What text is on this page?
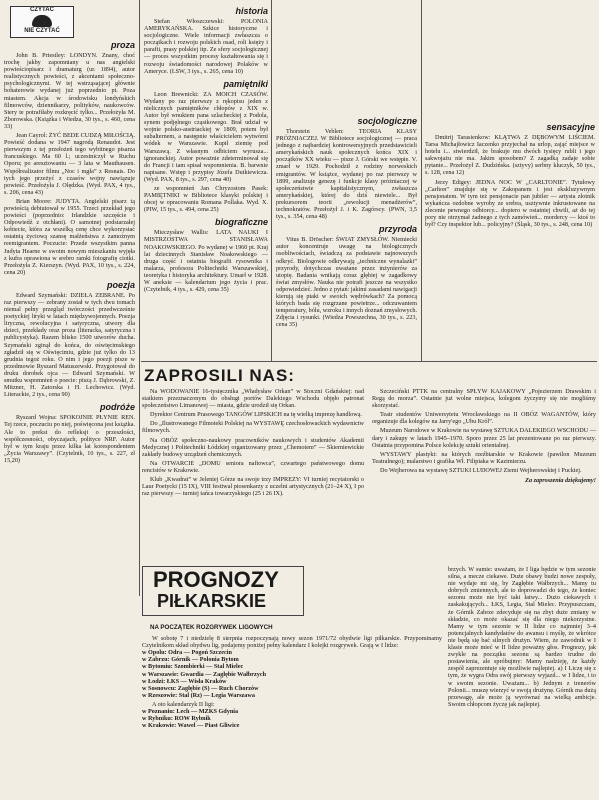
CZYTAĆ
NIE CZYTAĆ

proza

John B. Priestley: LONDYN. Znany, choć trochę jakby zapomniany u nas angielski powieściopisarz i dramaturg (ur. 1894), autor realistycznych powieści, z akcentami społeczno-psychologicznymi. W tej wstrząsającej głównie bohaterowie wydanej już poprzednio pt. Poza miastem. Akcja w środowisku londyńskich filmowców, dziennikarzy, polityków, naukowców. Stery te potrafiłaby rozkręcić tylko... Przełożyła M. Zborowska. (Książka i Wiedza, 30 tys., s. 460, cena 33)

Jean Cayrol: ŻYĆ BEDE CUDZĄ MIŁOŚCIĄ. Powieść dodana w 1947 nagrodą Renaudot. Jest pierwszym z tej przełożeń tego wybitnego pisarza francuskiego. Ma 60 l.; uczestniczył w Ruchu Oporu; po aresztowaniu — 3 lata w Mauthausen. Współrealizator filmu „Noc i mgła” z Resnais. Do tych jego przeżyć z czasów wojny nawiązuje powieść. Przełożyła J. Olędzka. (Wyd. PAX, 4 tys., s. 206, cena 43)

Brian Moore: JUDYTA. Angielski pisarz tą powieścią debiutował w 1955. Trzeci przekład jego powieści (poprzednio: Irlandzkie szczęście i Odpowiedź z otchłani). O samotnej podstarzałej kobiecie, która za wszelką cenę chce wykorzystać ostatnią życiową szansę małżeństwa z zamożnym reemigrantem. Poczucie: Przede wszystkim panna Judyta Hearne w swoim nowym mieszkaniu wyjęła z kufra oprawiona w srebro ramki fotografię ciotki. Przełożyła Z. Kierszyn. (Wyd. PAX, 10 tys., s. 224, cena 20)

poezja

Edward Szymański: DZIEŁA ZEBRANE. Po raz pierwszy — zebrany został w tych dwu tomach niemal pełny przegląd twórczości przedwcześnie poetyckiej liryki w latach międzywojennych. Poezja liryczna, rewolucyjna i satyryczna, utwory dla dzieci, przekłady oraz proza (literacka, satyryczna i publicystyka). Razem blisko 1500 utworów ducha. Szymański zginął do końca, do oświęcimskiego zgładził się w Oświęcimiu, gdzie już tylko do 13 grudnia tegoż roku. O nim i jego poezji pisze w przedmowie Ryszard Matuszewski. Przygotował do druku dorobek ojca — Edward Szymański. W smutku wspomnień o poecie: piszą J. Dąbrowski, Z. Mitzner, H. Zatorska i H. Lechowicz. (Wyd. Literackie, 2 tys., cena 90)

podróże

Ryszard Wojna: SPOKOJNIE PŁYNIE REN. Tej rzece, poczuciu po niej, poświęcona jest książka. Ale to prekst do refleksji o przeszłości, współczesności, obyczajach, polityce NRF. Autor był w tym kraju przez kilka lat korespondentem „Życia Warszawy”. (Czytelnik, 10 tys., s. 227, zł 15,20)

historia

Stefan Włoszczewski: POLONIA AMERYKAŃSKA. Szkice historyczne i socjologiczne. Wiele informacji zwłaszcza o początkach i rozwoju polskich osad, roli księży i parafii, prasy polskiej itp. Ze sfery socjologicznej — proces wszystkim procesy kształtowania się i rozwoju świadomości narodowej Polaków w Ameryce. (LSW, 3 tys., s. 265, cena 10)

pamiętniki

Leon Brewnicki: ZA MOICH CZASÓW. Wydany po raz pierwszy z rękopisu jeden z nielicznych pamiętników chłopów z XIX w. Autor był wnukiem pana szlacheckiej z Podola, synem podjęlnego cząstkowego. Brał udział w wojnie polsko-austriackiej w 1809, potem był subalternem, a następnie właścicielem wytwórni wódek w Warszawie. Kupił ziemię pod Warszawą. Z własnym odbiciem wyrusza... ignoranckiej. Autor poważnie zdeterminował się do Francji i tam spisał wspomnienia. B. barwnie napisane. Wstęp i przypisy Józefa Dutkiewicza. (Wyd. PAX, 8 tys., s. 297, cena 40)

ze wspomnień Jan Chryzostom Pasek: PAMIĘTNIKI w Bibliotece klasyki polskiej i obcej w opracowaniu Romana Pollaka. Wyd. X. (PIW, 15 tys., s. 494, cena 25)

biograficzne

Mieczysław Wallis: LATA NAUKI I MISTRZOSTWA STANISŁAWA NOAKOWSKIEGO. Po wydanej w 1960 pt. Kraj lat dziecinnych Stanisław Noakowskiego — druga część i ostatnia biografii rysownika i malarza, profesora Politechniki Warszawskiej, teoretyka i historyka architektury. Umarł w 1928. W aneksie — kalendarium jego życia i prac. (Czytelnik, 4 tys., s. 429, cena 35)

socjologiczne

Thorstein Veblen: TEORIA KLASY PRÓŻNIACZEJ. W Bibliotece socjologicznej — praca jednego z najbardziej kontrowersyjnych przedstawicieli amerykańskich nauk społecznych końca XIX i początków XX wieku — pisze J. Górski we wstępie. V. zmarł w 1929. Pochodził z rodziny norweskich emigrantów. W książce, wydanej po raz pierwszy w 1899, analizuje genezę i funkcje klasy próżniaczej w społeczeństwie kapitalistycznym, zwłaszcza amerykańskiej, której do dziś niewiele... Był prekursorem teorii „rewolucji menadżerów”, technokratów. Przełożył J. i K. Zagórscy. (PWN, 3,5 tys., s. 354, cena 48)

przyroda

Vitus B. Dröscher: ŚWIAT ZMYSŁÓW. Niemiecki autor koncentruje uwagę na biologicznych osobliwościach, świadczą za podstawie najnowszych odkryć. Biologowie odkrywają „techniczne wynalazki” przyrody, dotychczas uważane przez inżynierów za utopię. Badania wnikają coraz głębiej w zagadkowy świat zmysłów. Nauka nie potrafi jeszcze na wszystko odpowiedzieć. Jedno z pytań: jakimi zasadami nawigacji kierują się ptaki w swoich wędrówkach? Za pomocą których bada się rozgrzane powietrze... odczuwaniem temperatury, bólu, wzroku i innych doznań zmysłowych. Zdjęcia i rysunki. (Wiedza Powszechna, 30 tys., s. 223, cena 35)

sensacyjne

Dmitrij Tarasienkow: KLĄTWA Z DĘBOWYM LIŚCIEM. Tarsa Michajłowicz Iaczenko przyjechał na urlop, zająć miejsce w hotelu i... stwierdził, że brakuje mu dwóch tysięcy rubli i jego sakwojażu nie ma. Jakim sposobem? Z zagadką zadaje sobie pytanie... Przełożył Z. Dudzińska. (sztyvy) serbny kluczyk, 50 tys., s. 128, cena 12)

Jerzy Edigey: JEDNA NOC W „CARLTONIE”. Tytułowy „Carlton” znajduje się w Zakopanem i jest ekskluzywnym pensjonatem. W tym też pensjonacie pan jubiler — artysta złotnik wykańcza ozdobne wyroby ze srebra, usztywnie inkrustowane na zlecenie pewnego odbiorcy... dopiero w ostatniej chwili, aż do tej pory nie otrzymał żadnego z tych zamówień... mordercy — ktoś to był? Czy inspektor lub... policyjny? (Śląsk, 30 tys., s. 248, cena 10)

ZAPROSILI NAS:

Na WODOWANIE 16-tysięcznika „Władysław Orkan” w Stoczni Gdańskiej: nad statkiem przeznaczonym do obsługi portów Dalekiego Wschodu objęło patronat społeczeństwo Limanowej — miasta, gdzie urodził się Orkan.

Dyrektor Centrum Prasowego TANGÓW LIPSKICH na tę wielką imprezę handlową.

Do „Ilustrowanego Filmoteki Polskiej na WYSTAWĘ czechosłowackich wydawnictw filmowych.

Na OBÓZ społeczno-naukowy pracowników naukowych i studentów Akademii Medycznej i Politechniki Łódzkiej organizowany przez „Chemotem” — Skierniewickie zakłady budowy urządzeń chemicznych.

Na OTWARCIE „DOMU seniora naftowca”, czwartego państwowego domu rencistów w Krakowie.

Klub „Kwadrat” w Jeleniej Górze na swoje trzy IMPREZY: VI turniej recytatorski o Laur Poetycki (15 IX), VIII festiwal piosenkarzy z uczelni artystycznych (21–24 X), I po raz pierwszy — turniej tańca towarzyskiego (25 i 26 IX).

Szczeciński PTTK na centralny SPŁYW KAJAKOWY „Pojezierzem Drawskim i Regą do morza”. Ostatnie już wolne miejsca, kolegom życzymy się nie mogliśmy skorzystać.

Teatr studentów Uniwersytetu Wrocławskiego na II OBÓZ WAGANTÓW, który organizuje dla kolegów na Jarry'ego „Ubu Król”.

Muzeum Narodowe w Krakowie na wystawę SZTUKA DALEKIEGO WSCHODU — dary i zakupy w latach 1945–1970. Sporo przez 25 lat prezentowane po raz pierwszy. Ostatnia przypomina Polsce kolekcję sztuki orientalnej.

WYSTAWY plastyki: na których rzeźbiarskie w Krakowie (pawilon Muzeum Teatralnego); malarstwo i grafika Wł. Filipiaka w Kazimierzu.

Do Wejherowa na wystawę SZTUKI LUDOWEJ Ziemi Wejherowskiej i Puckiej.

Za zaproszenia dziękujemy!

PROGNOZY
PIŁKARSKIE

NA POCZĄTEK ROZGRYWEK LIGOWYCH

W sobotę 7 i niedzielę 8 sierpnia rozpoczynają nowy sezon 1971/72 obydwie ligi piłkarskie. Przypominamy Czytelnikom skład obydwu lig, podajemy poniżej pełny kalendarz I kolejki rozgrywek. Grają w I lidze:

w Opolu: Odra — Pogoń Szczecin

w Zabrzu: Górnik — Polonia Bytom

w Bytomiu: Szombierki — Stal Mielec

w Warszawie: Gwardia — Zagłębie Wałbrzych

w Łodzi: ŁKS — Wisła Kraków

w Sosnowcu: Zagłębie (S) — Ruch Chorzów

w Rzeszowie: Stal (Rz) — Legia Warszawa

A oto kalendarzyk II ligi:

w Poznaniu: Lech — MZKS Gdynia

w Rybniku: ROW Rybnik

w Krakowie: Wawel — Piast Gliwice

brzych. W sumie: uważam, że I liga będzie w tym sezonie silna, a mecze ciekawe. Duże obawy budzi nowe zespoły, nie wydaje mi się, by Zagłębie Wałbrzych... Mamy tu dobrych zmiennych, ale to doprowadzi do tego, że koniec sezonu może nie być taki łatwy... Dużo ciekawych i zaskakujących... ŁKS, Legia, Stal Mielec. Przypuszczam, że Górnik Zabrze zdecyduje się na zbyt duże zmiany w składzie, co może okazać się dla niego niekorzystne. Mamy w tym sezonie w II lidze co najmniej 3–4 potencjalnych kandydatów do awansu i myślę, że wkrótce nie będą się bać silnych drużyn. Wiem, że zawodnik w I klasie może mieć w II lidze poważny głos. Prognozy, jak zwykle na początku sezonu są bardzo trudne do postawienia, ale spróbujmy: Mamy nadzieję, że każdy zespół zaprezentuje się możliwie najlepiej. a) I Liczę się z tym, że wygra Odra swój pierwszy wyjazd... w I lidze, i to w swoim sezonie. Uważam... b) Jednym z trenerów Polonii... muszę wierzyć w swoją drużynę. Górnik ma dużą przewagę, ale może ją wyrównać na wielką ambicje. Swoim chłopcom życzę jak najlepiej.
